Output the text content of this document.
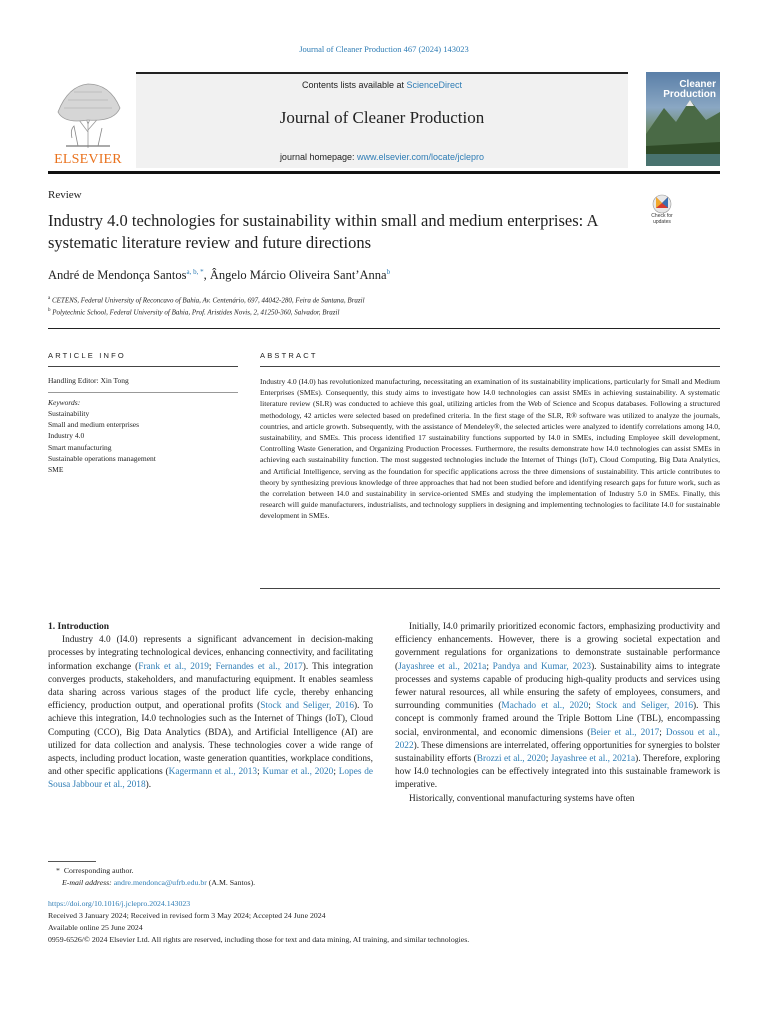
Journal of Cleaner Production 467 (2024) 143023
ELSEVIER
Contents lists available at ScienceDirect
Journal of Cleaner Production
journal homepage: www.elsevier.com/locate/jclepro
Cleaner
Production
Review
Industry 4.0 technologies for sustainability within small and medium enterprises: A systematic literature review and future directions
Check for
updates
André de Mendonça Santos$^{a, b, *}$, Ângelo Márcio Oliveira Sant’Anna$^b$
$^a$ CETENS, Federal University of Reconcavo of Bahia, Av. Centenário, 697, 44042-280, Feira de Santana, Brazil
$^b$ Polytechnic School, Federal University of Bahia, Prof. Aristides Novis, 2, 41250-360, Salvador, Brazil
ARTICLE INFO	ABSTRACT
Handling Editor: Xin Tong
Keywords:
Sustainability
Small and medium enterprises
Industry 4.0
Smart manufacturing
Sustainable operations management
SME
Industry 4.0 (I4.0) has revolutionized manufacturing, necessitating an examination of its sustainability implications, particularly for Small and Medium Enterprises (SMEs). Consequently, this study aims to investigate how I4.0 technologies can assist SMEs in achieving sustainability. A systematic literature review (SLR) was conducted to achieve this goal, utilizing articles from the Web of Science and Scopus databases. Following a structured methodology, 42 articles were selected based on predefined criteria. In the first stage of the SLR, R® software was utilized to analyze the journals, countries, and article growth. Subsequently, with the assistance of Mendeley®, the selected articles were analyzed to identify correlations among I4.0, sustainability, and SMEs. This process identified 17 sustainability functions supported by I4.0 in SMEs, including Employee skill development, Controlling Waste Generation, and Organizing Production Processes. Furthermore, the results demonstrate how I4.0 technologies can assist SMEs in achieving each sustainability function. The most suggested technologies include the Internet of Things (IoT), Cloud Computing, Big Data Analytics, and Artificial Intelligence, serving as the foundation for specific applications across the three dimensions of sustainability. This article contributes to theory by synthesizing previous knowledge of three approaches that had not been studied before and identifying research gaps for future work, such as the correlation between I4.0 and sustainability in service-oriented SMEs and studying the implementation of Industry 5.0 in SMEs. Finally, this research will guide manufacturers, industrialists, and technology suppliers in designing and implementing technologies to facilitate I4.0 for sustainable development in SMEs.

1. Introduction

Industry 4.0 (I4.0) represents a significant advancement in decision-making processes by integrating technological devices, enhancing connectivity, and facilitating information exchange (Frank et al., 2019; Fernandes et al., 2017). This integration converges products, stakeholders, and manufacturing equipment. It enables seamless data sharing across various stages of the product life cycle, thereby enhancing efficiency, production output, and operational profits (Stock and Seliger, 2016). To achieve this integration, I4.0 technologies such as the Internet of Things (IoT), Cloud Computing (CCO), Big Data Analytics (BDA), and Artificial Intelligence (AI) are utilized for data collection and analysis. These technologies cover a wide range of aspects, including product location, waste generation quantities, workplace conditions, and other specific applications (Kagermann et al., 2013; Kumar et al., 2020; Lopes de Sousa Jabbour et al., 2018).

Initially, I4.0 primarily prioritized economic factors, emphasizing productivity and efficiency enhancements. However, there is a growing societal expectation and government regulations for organizations to demonstrate sustainable performance (Jayashree et al., 2021a; Pandya and Kumar, 2023). Sustainability aims to integrate processes and systems capable of producing high-quality products and services using fewer natural resources, all while ensuring the safety of employees, consumers, and surrounding communities (Machado et al., 2020; Stock and Seliger, 2016). This concept is commonly framed around the Triple Bottom Line (TBL), encompassing social, environmental, and economic dimensions (Beier et al., 2017; Dossou et al., 2022). These dimensions are interrelated, offering opportunities for synergies to bolster sustainability efforts (Brozzi et al., 2020; Jayashree et al., 2021a). Therefore, exploring how I4.0 technologies can be effectively integrated into this sustainable framework is imperative.

Historically, conventional manufacturing systems have often

* Corresponding author.
E-mail address: andre.mendonca@ufrb.edu.br (A.M. Santos).
https://doi.org/10.1016/j.jclepro.2024.143023
Received 3 January 2024; Received in revised form 3 May 2024; Accepted 24 June 2024
Available online 25 June 2024
0959-6526/© 2024 Elsevier Ltd. All rights are reserved, including those for text and data mining, AI training, and similar technologies.
